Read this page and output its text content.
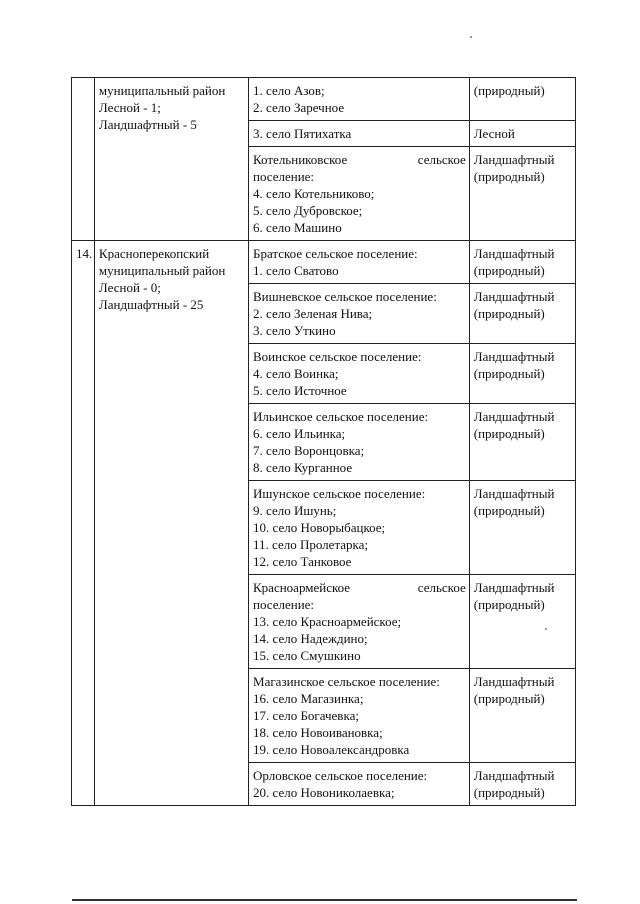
	муниципальный район
Лесной - 1;
Ландшафтный - 5	1. село Азов;
2. село Заречное	(природный)

		3. село Пятихатка	Лесной

		Котельниковское сельское
поселение:
4. село Котельниково;
5. село Дубровское;
6. село Машино	Ландшафтный
(природный)

14.	Красноперекопский
муниципальный район
Лесной - 0;
Ландшафтный - 25	Братское сельское поселение:
1. село Сватово	Ландшафтный
(природный)

		Вишневское сельское поселение:
2. село Зеленая Нива;
3. село Уткино	Ландшафтный
(природный)

		Воинское сельское поселение:
4. село Воинка;
5. село Источное	Ландшафтный
(природный)

		Ильинское сельское поселение:
6. село Ильинка;
7. село Воронцовка;
8. село Курганное	Ландшафтный
(природный)

		Ишунское сельское поселение:
9. село Ишунь;
10. село Новорыбацкое;
11. село Пролетарка;
12. село Танковое	Ландшафтный
(природный)

		Красноармейское сельское
поселение:
13. село Красноармейское;
14. село Надеждино;
15. село Смушкино	Ландшафтный
(природный)

		Магазинское сельское поселение:
16. село Магазинка;
17. село Богачевка;
18. село Новоивановка;
19. село Новоалександровка	Ландшафтный
(природный)

		Орловское сельское поселение:
20. село Новониколаевка;	Ландшафтный
(природный)
